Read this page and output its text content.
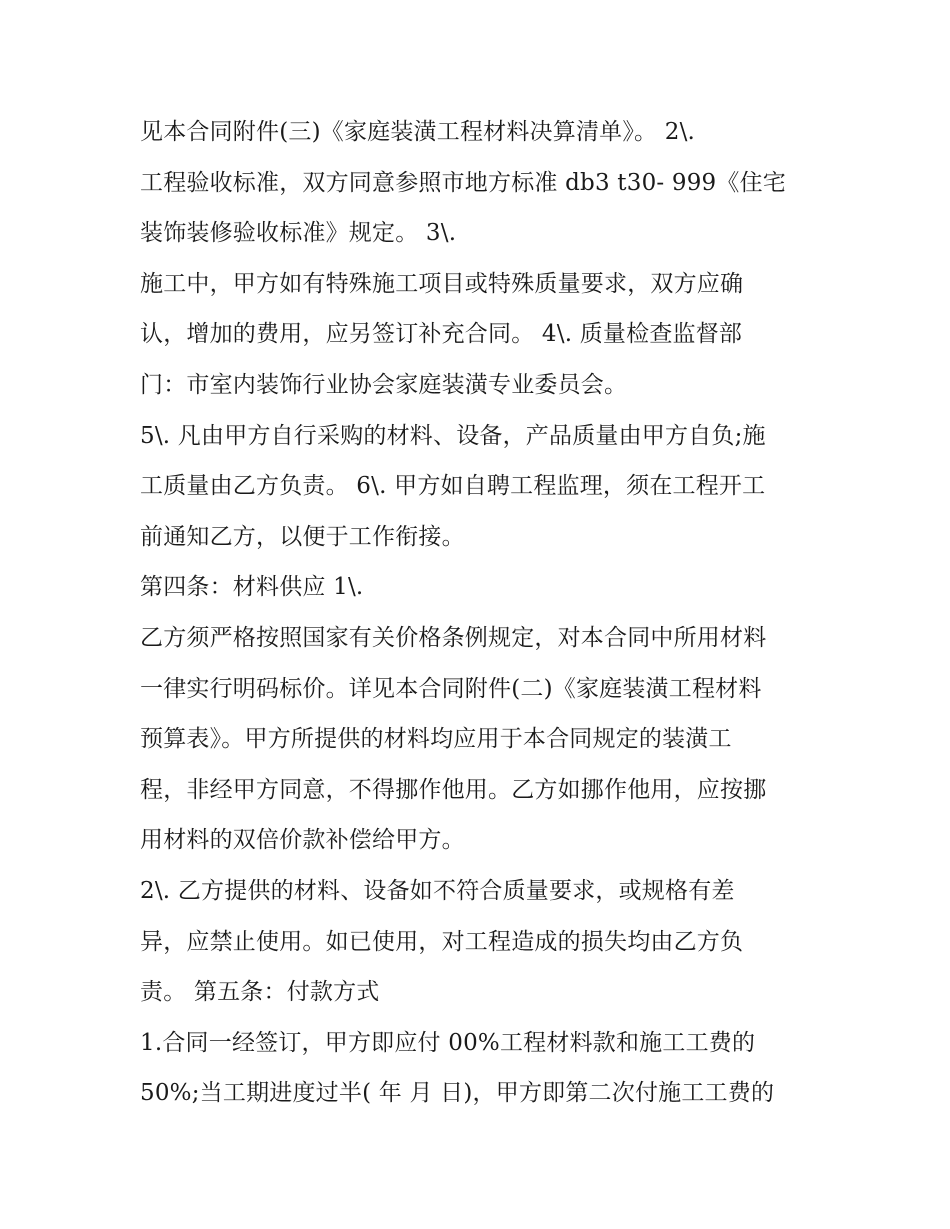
见本合同附件(三)《家庭装潢工程材料决算清单》。 2\.
工程验收标准，双方同意参照市地方标准 db3 t30- 999《住宅
装饰装修验收标准》规定。 3\.
施工中，甲方如有特殊施工项目或特殊质量要求，双方应确
认，增加的费用，应另签订补充合同。 4\. 质量检查监督部
门：市室内装饰行业协会家庭装潢专业委员会。
5\. 凡由甲方自行采购的材料、设备，产品质量由甲方自负;施
工质量由乙方负责。 6\. 甲方如自聘工程监理，须在工程开工
前通知乙方，以便于工作衔接。
第四条：材料供应 1\.
乙方须严格按照国家有关价格条例规定，对本合同中所用材料
一律实行明码标价。详见本合同附件(二)《家庭装潢工程材料
预算表》。甲方所提供的材料均应用于本合同规定的装潢工
程，非经甲方同意，不得挪作他用。乙方如挪作他用，应按挪
用材料的双倍价款补偿给甲方。
2\. 乙方提供的材料、设备如不符合质量要求，或规格有差
异，应禁止使用。如已使用，对工程造成的损失均由乙方负
责。 第五条：付款方式
1.合同一经签订，甲方即应付 00%工程材料款和施工工费的
50%;当工期进度过半( 年 月 日)，甲方即第二次付施工工费的
